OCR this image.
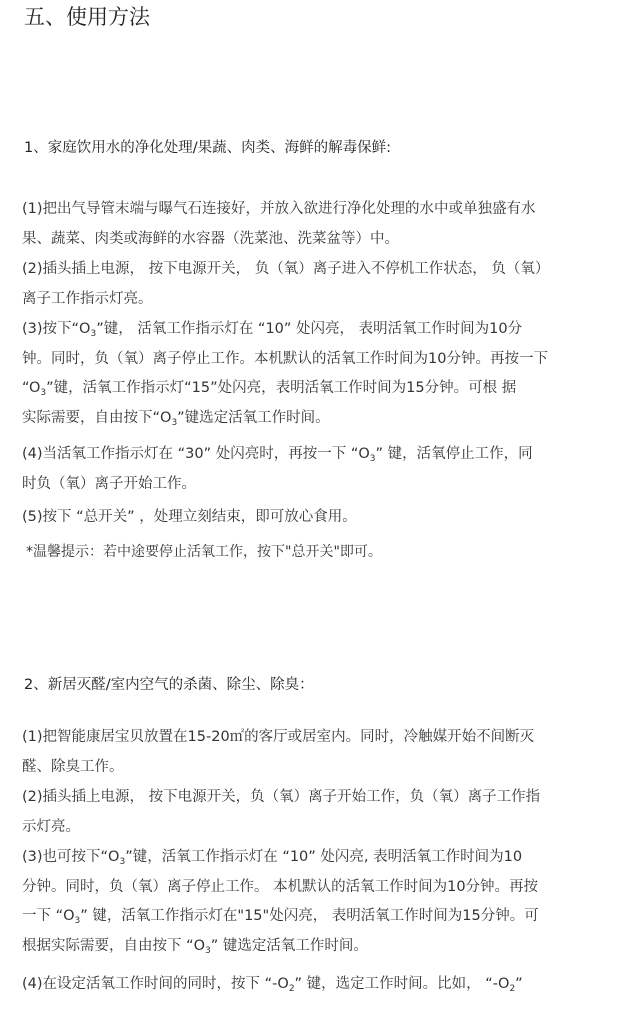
五、使用方法
1、家庭饮用水的净化处理/果蔬、肉类、海鲜的解毒保鲜:
(1)把出气导管末端与曝气石连接好，并放入欲进行净化处理的水中或单独盛有水
果、蔬菜、肉类或海鲜的水容器（洗菜池、洗菜盆等）中。
(2)插头插上电源， 按下电源开关， 负（氧）离子进入不停机工作状态， 负（氧）
离子工作指示灯亮。
(3)按下“$O_3$”键， 活氧工作指示灯在 “10” 处闪亮， 表明活氧工作时间为10分
钟。同时，负（氧）离子停止工作。本机默认的活氧工作时间为10分钟。再按一下
“$O_3$”键，活氧工作指示灯“15”处闪亮，表明活氧工作时间为15分钟。可根 据
实际需要，自由按下“$O_3$”键选定活氧工作时间。
(4)当活氧工作指示灯在 “30” 处闪亮时，再按一下 “$O_3$” 键，活氧停止工作，同
时负（氧）离子开始工作。
(5)按下 “总开关” ，处理立刻结束，即可放心食用。

*温馨提示：若中途要停止活氧工作，按下"总开关"即可。

2、新居灭醛/室内空气的杀菌、除尘、除臭：
(1)把智能康居宝贝放置在15-20㎡的客厅或居室内。同时，冷触媒开始不间断灭
醛、除臭工作。
(2)插头插上电源， 按下电源开关，负（氧）离子开始工作，负（氧）离子工作指
示灯亮。
(3)也可按下“$O_3$”键，活氧工作指示灯在 “10” 处闪亮, 表明活氧工作时间为10
分钟。同时，负（氧）离子停止工作。 本机默认的活氧工作时间为10分钟。再按
一下 “$O_3$” 键，活氧工作指示灯在"15"处闪亮， 表明活氧工作时间为15分钟。可
根据实际需要，自由按下 “$O_3$” 键选定活氧工作时间。
(4)在设定活氧工作时间的同时，按下 “$-O_2$” 键，选定工作时间。比如， “$-O_2$”
